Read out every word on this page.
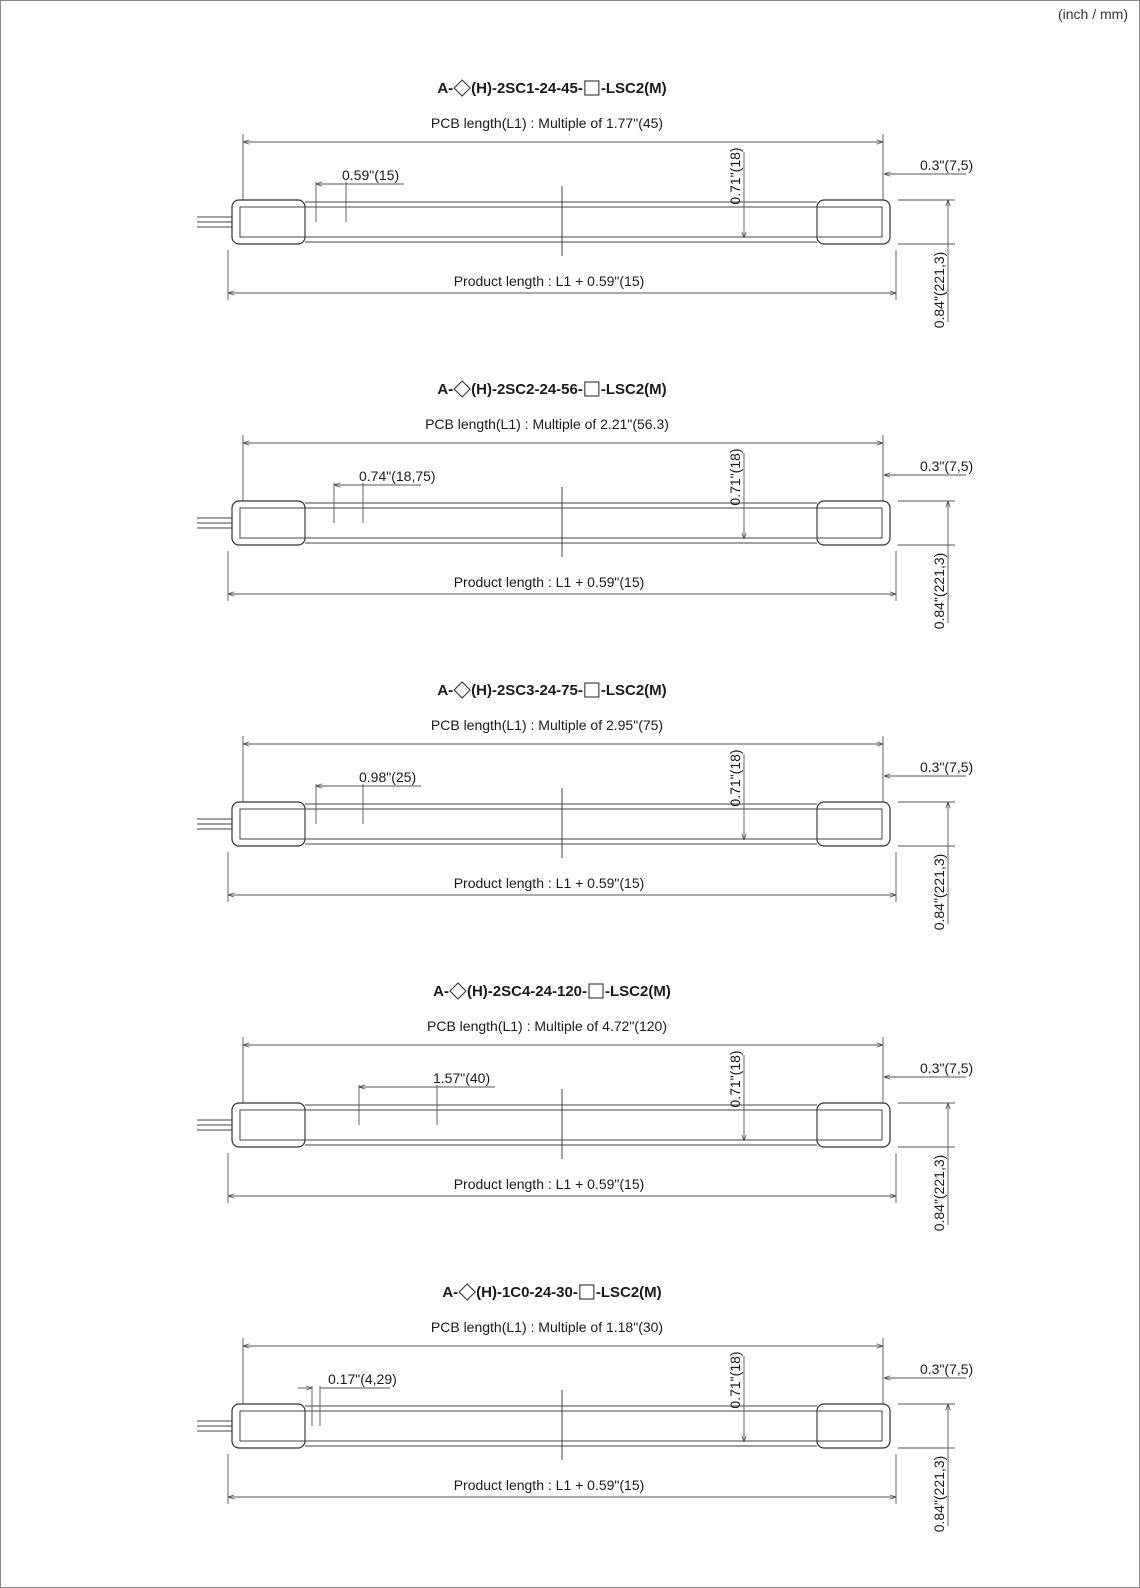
(inch / mm)
A- (H)-2SC1-24-45- -LSC2(M)
PCB length(L1) : Multiple of 1.77"(45)
0.59"(15)	0.71"(18)
Product length : L1 + 0.59"(15)
0.3"(7,5)
0.84"(221,3)
A- (H)-2SC2-24-56- -LSC2(M)
PCB length(L1) : Multiple of 2.21"(56.3)
0.74"(18,75)	0.71"(18)
Product length : L1 + 0.59"(15)
0.3"(7,5)
0.84"(221,3)
A- (H)-2SC3-24-75- -LSC2(M)
PCB length(L1) : Multiple of 2.95"(75)
0.98"(25)	0.71"(18)
Product length : L1 + 0.59"(15)
0.3"(7,5)
0.84"(221,3)
A- (H)-2SC4-24-120- -LSC2(M)
PCB length(L1) : Multiple of 4.72"(120)
1.57"(40)	0.71"(18)
Product length : L1 + 0.59"(15)
0.3"(7,5)
0.84"(221,3)
A- (H)-1C0-24-30- -LSC2(M)
PCB length(L1) : Multiple of 1.18"(30)
0.17"(4,29)	0.71"(18)
Product length : L1 + 0.59"(15)
0.3"(7,5)
0.84"(221,3)
